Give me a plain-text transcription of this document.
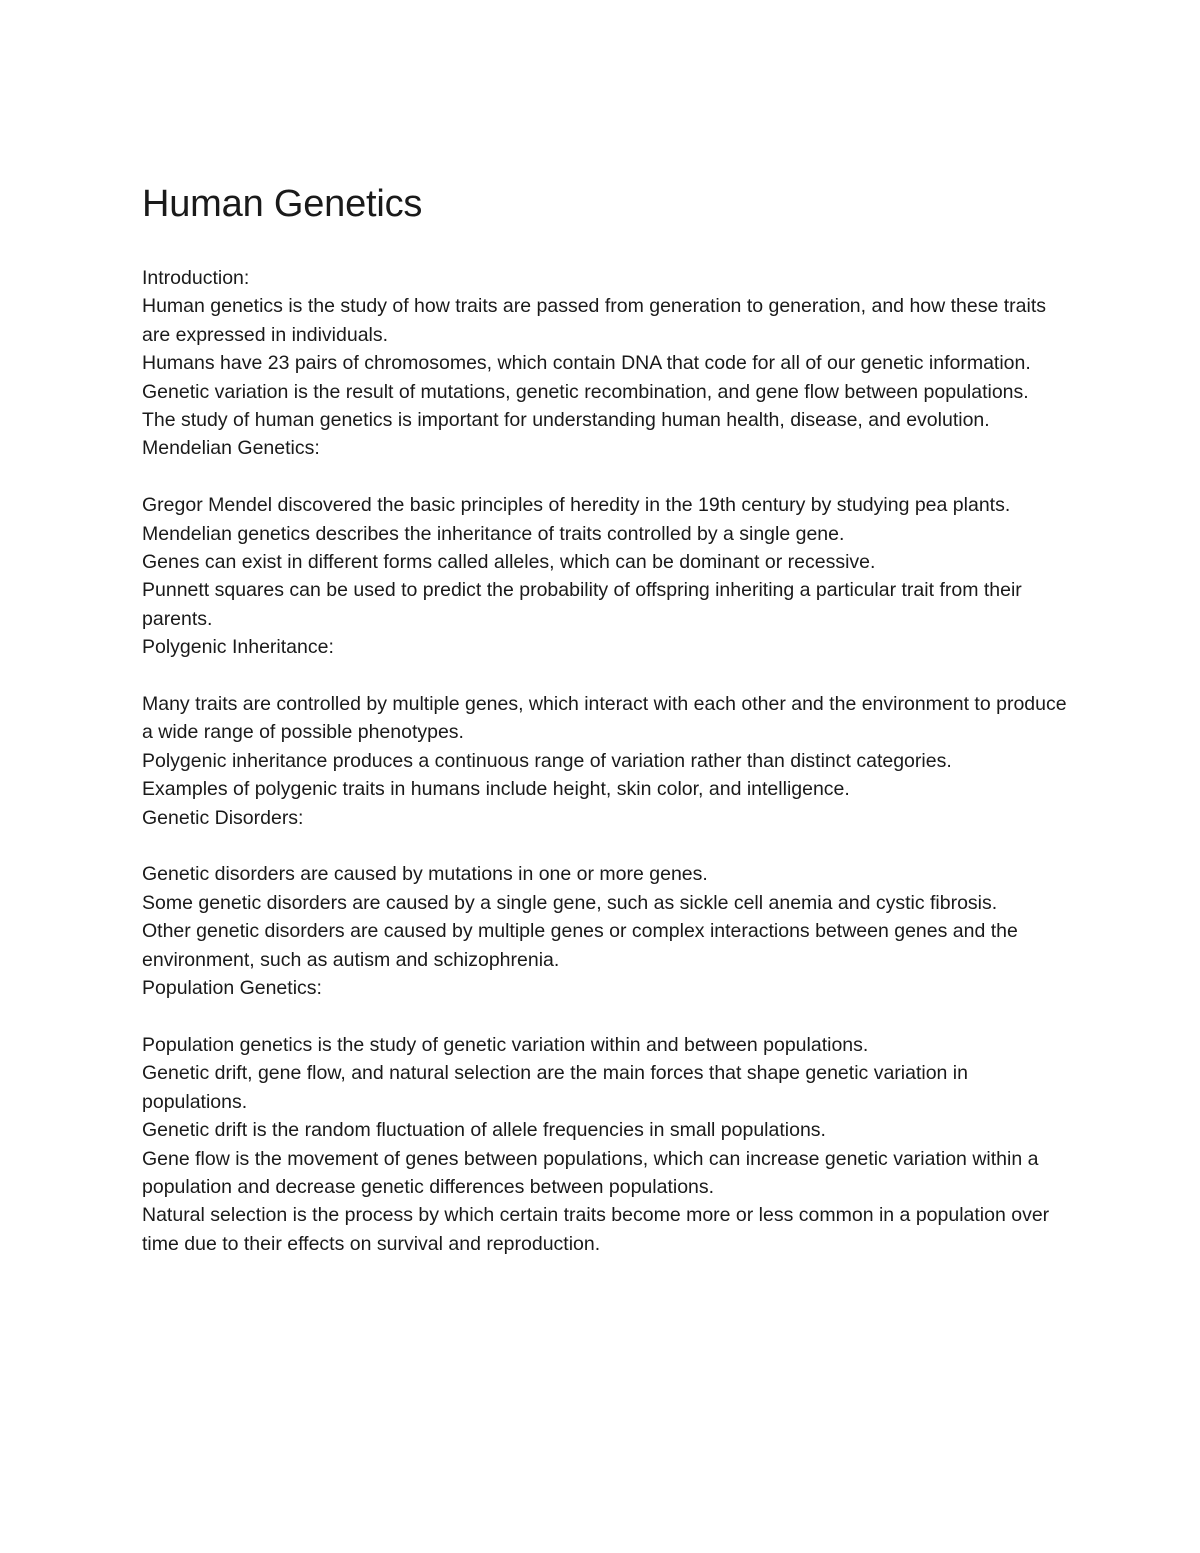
Human Genetics

Introduction:

Human genetics is the study of how traits are passed from generation to generation, and how these traits are expressed in individuals.

Humans have 23 pairs of chromosomes, which contain DNA that code for all of our genetic information.

Genetic variation is the result of mutations, genetic recombination, and gene flow between populations.

The study of human genetics is important for understanding human health, disease, and evolution.

Mendelian Genetics:

Gregor Mendel discovered the basic principles of heredity in the 19th century by studying pea plants.

Mendelian genetics describes the inheritance of traits controlled by a single gene.

Genes can exist in different forms called alleles, which can be dominant or recessive.

Punnett squares can be used to predict the probability of offspring inheriting a particular trait from their parents.

Polygenic Inheritance:

Many traits are controlled by multiple genes, which interact with each other and the environment to produce a wide range of possible phenotypes.

Polygenic inheritance produces a continuous range of variation rather than distinct categories.

Examples of polygenic traits in humans include height, skin color, and intelligence.

Genetic Disorders:

Genetic disorders are caused by mutations in one or more genes.

Some genetic disorders are caused by a single gene, such as sickle cell anemia and cystic fibrosis.

Other genetic disorders are caused by multiple genes or complex interactions between genes and the environment, such as autism and schizophrenia.

Population Genetics:

Population genetics is the study of genetic variation within and between populations.

Genetic drift, gene flow, and natural selection are the main forces that shape genetic variation in populations.

Genetic drift is the random fluctuation of allele frequencies in small populations.

Gene flow is the movement of genes between populations, which can increase genetic variation within a population and decrease genetic differences between populations.

Natural selection is the process by which certain traits become more or less common in a population over time due to their effects on survival and reproduction.
